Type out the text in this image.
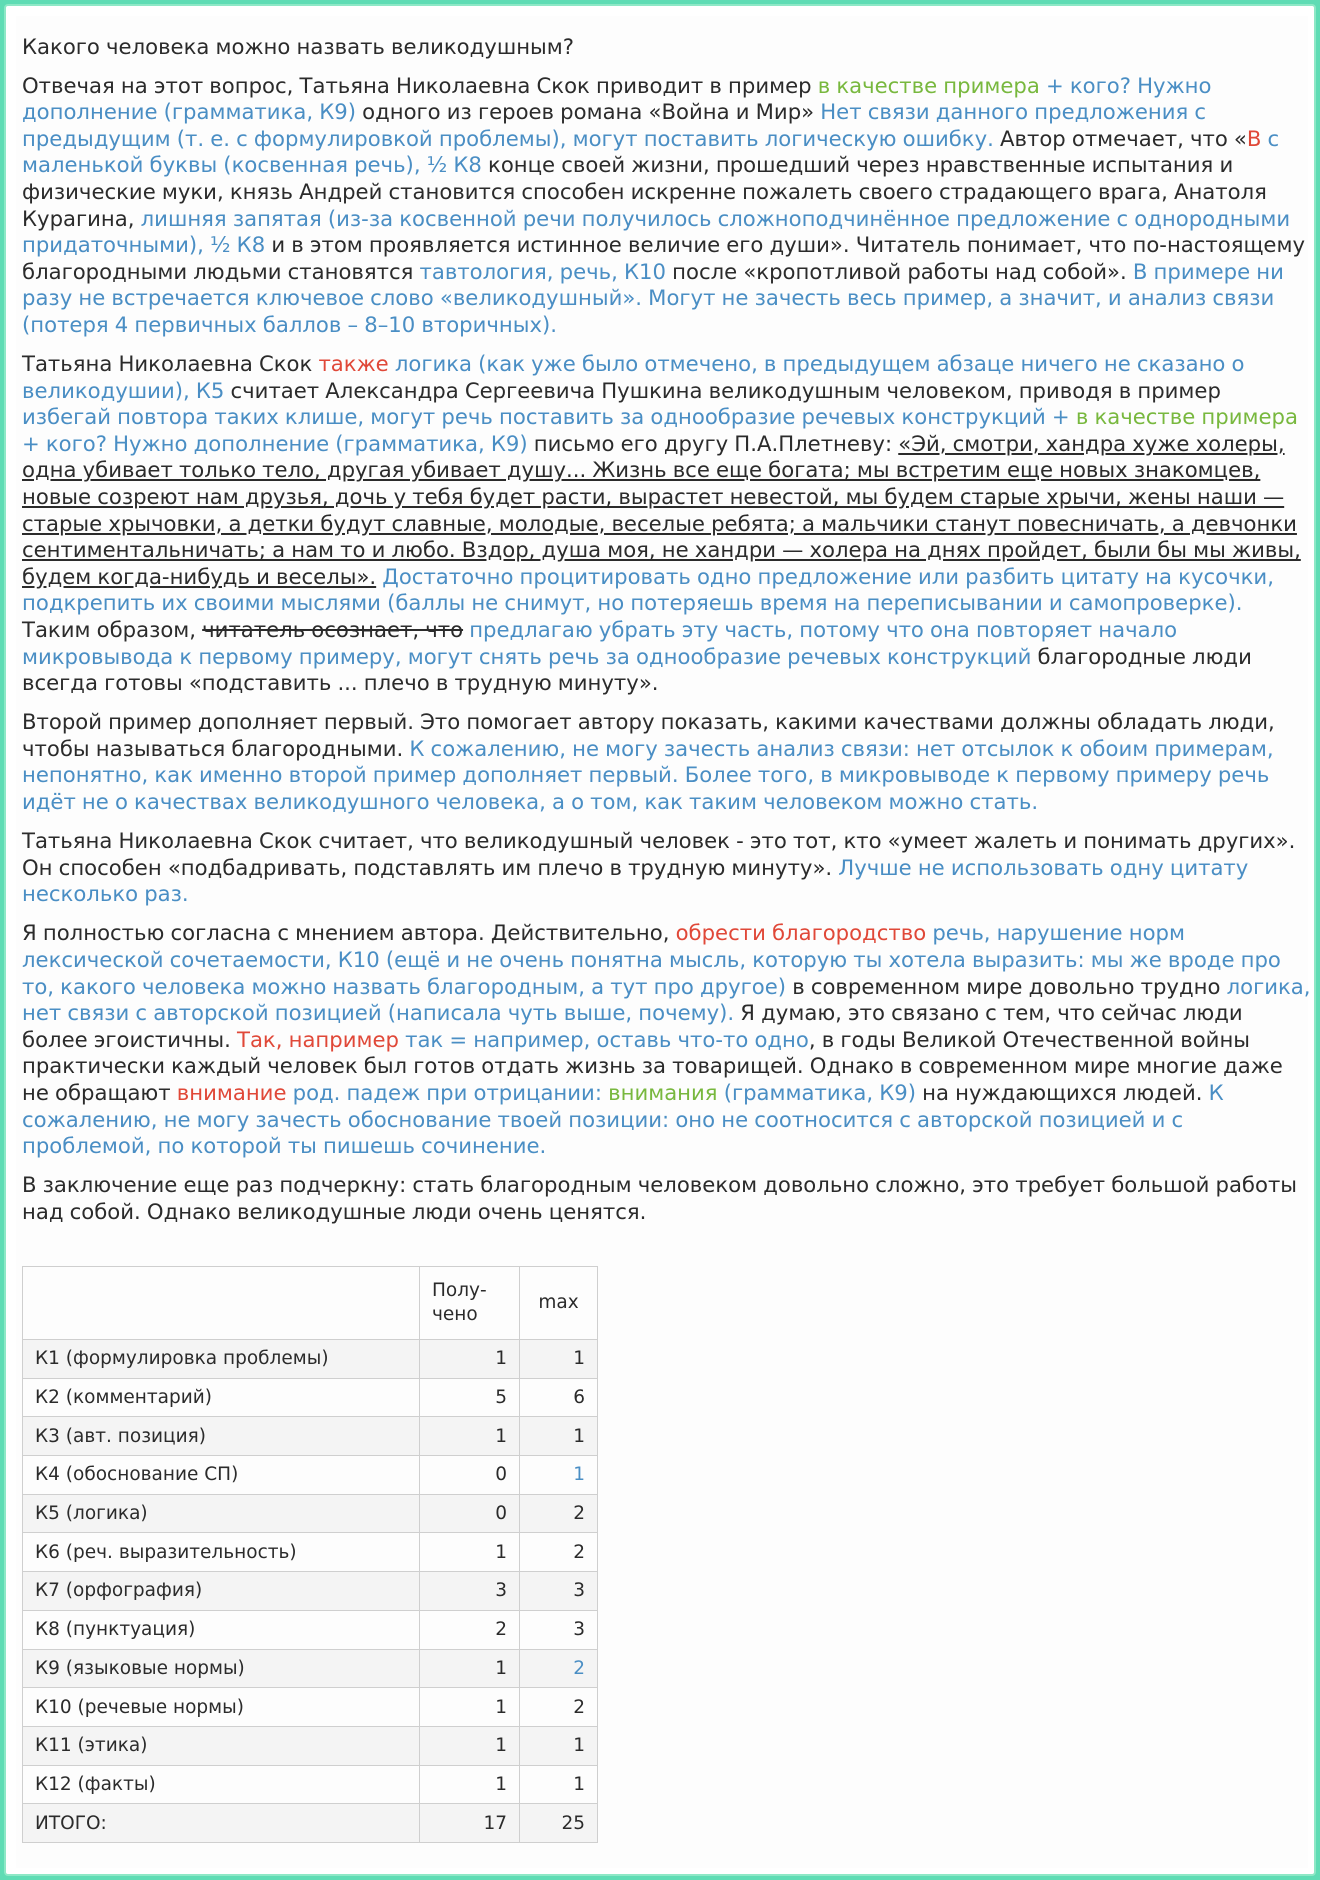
Какого человека можно назвать великодушным?

Отвечая на этот вопрос, Татьяна Николаевна Скок приводит в пример в качестве примера + кого? Нужно дополнение (грамматика, К9) одного из героев романа «Война и Мир» Нет связи данного предложения с предыдущим (т. е. с формулировкой проблемы), могут поставить логическую ошибку. Автор отмечает, что «В с маленькой буквы (косвенная речь), ½ К8 конце своей жизни, прошедший через нравственные испытания и физические муки, князь Андрей становится способен искренне пожалеть своего страдающего врага, Анатоля Курагина, лишняя запятая (из-за косвенной речи получилось сложноподчинённое предложение с однородными придаточными), ½ К8 и в этом проявляется истинное величие его души». Читатель понимает, что по-настоящему благородными людьми становятся тавтология, речь, К10 после «кропотливой работы над собой». В примере ни разу не встречается ключевое слово «великодушный». Могут не зачесть весь пример, а значит, и анализ связи (потеря 4 первичных баллов – 8–10 вторичных).

Татьяна Николаевна Скок также логика (как уже было отмечено, в предыдущем абзаце ничего не сказано о великодушии), К5 считает Александра Сергеевича Пушкина великодушным человеком, приводя в пример избегай повтора таких клише, могут речь поставить за однообразие речевых конструкций + в качестве примера + кого? Нужно дополнение (грамматика, К9) письмо его другу П.А.Плетневу: «Эй, смотри, хандра хуже холеры, одна убивает только тело, другая убивает душу... Жизнь все еще богата; мы встретим еще новых знакомцев, новые созреют нам друзья, дочь у тебя будет расти, вырастет невестой, мы будем старые хрычи, жены наши — старые хрычовки, а детки будут славные, молодые, веселые ребята; а мальчики станут повесничать, а девчонки сентиментальничать; а нам то и любо. Вздор, душа моя, не хандри — холера на днях пройдет, были бы мы живы, будем когда-нибудь и веселы». Достаточно процитировать одно предложение или разбить цитату на кусочки, подкрепить их своими мыслями (баллы не снимут, но потеряешь время на переписывании и самопроверке). Таким образом, читатель осознает, что предлагаю убрать эту часть, потому что она повторяет начало микровывода к первому примеру, могут снять речь за однообразие речевых конструкций благородные люди всегда готовы «подставить ... плечо в трудную минуту».

Второй пример дополняет первый. Это помогает автору показать, какими качествами должны обладать люди, чтобы называться благородными. К сожалению, не могу зачесть анализ связи: нет отсылок к обоим примерам, непонятно, как именно второй пример дополняет первый. Более того, в микровыводе к первому примеру речь идёт не о качествах великодушного человека, а о том, как таким человеком можно стать.

Татьяна Николаевна Скок считает, что великодушный человек - это тот, кто «умеет жалеть и понимать других». Он способен «подбадривать, подставлять им плечо в трудную минуту». Лучше не использовать одну цитату несколько раз.

Я полностью согласна с мнением автора. Действительно, обрести благородство речь, нарушение норм лексической сочетаемости, К10 (ещё и не очень понятна мысль, которую ты хотела выразить: мы же вроде про то, какого человека можно назвать благородным, а тут про другое) в современном мире довольно трудно логика, нет связи с авторской позицией (написала чуть выше, почему). Я думаю, это связано с тем, что сейчас люди более эгоистичны. Так, например так = например, оставь что-то одно, в годы Великой Отечественной войны практически каждый человек был готов отдать жизнь за товарищей. Однако в современном мире многие даже не обращают внимание род. падеж при отрицании: внимания (грамматика, К9) на нуждающихся людей. К сожалению, не могу зачесть обоснование твоей позиции: оно не соотносится с авторской позицией и с проблемой, по которой ты пишешь сочинение.

В заключение еще раз подчеркну: стать благородным человеком довольно сложно, это требует большой работы над собой. Однако великодушные люди очень ценятся.

	Полу-
чено	max
К1 (формулировка проблемы)	1	1
К2 (комментарий)	5	6
К3 (авт. позиция)	1	1
К4 (обоснование СП)	0	1
К5 (логика)	0	2
К6 (реч. выразительность)	1	2
К7 (орфография)	3	3
К8 (пунктуация)	2	3
К9 (языковые нормы)	1	2
К10 (речевые нормы)	1	2
К11 (этика)	1	1
К12 (факты)	1	1
ИТОГО:	17	25
